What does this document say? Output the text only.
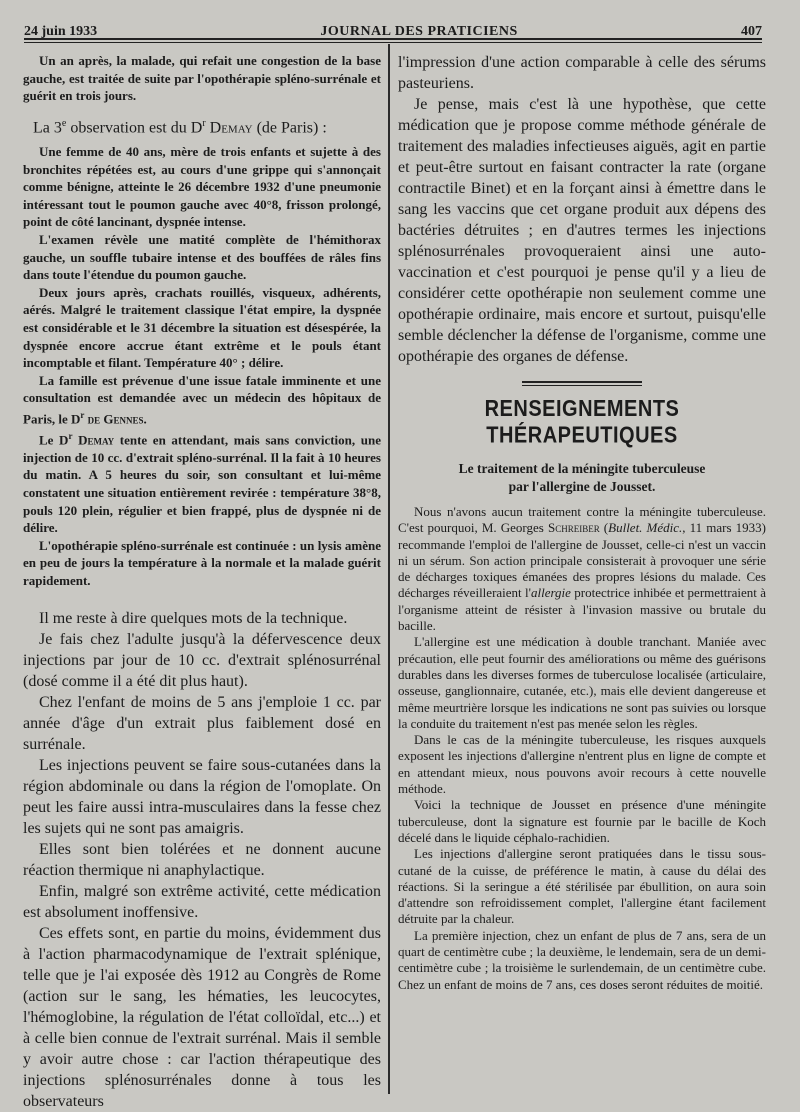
24 juin 1933	JOURNAL DES PRATICIENS	407

Un an après, la malade, qui refait une congestion de la base gauche, est traitée de suite par l'opothérapie spléno-surrénale et guérit en trois jours.

La 3e observation est du $D^r$ Demay (de Paris) :

Une femme de 40 ans, mère de trois enfants et sujette à des bronchites répétées est, au cours d'une grippe qui s'annonçait comme bénigne, atteinte le 26 décembre 1932 d'une pneumonie intéressant tout le poumon gauche avec 40°8, frisson prolongé, point de côté lancinant, dyspnée intense.

L'examen révèle une matité complète de l'hémithorax gauche, un souffle tubaire intense et des bouffées de râles fins dans toute l'étendue du poumon gauche.

Deux jours après, crachats rouillés, visqueux, adhérents, aérés. Malgré le traitement classique l'état empire, la dyspnée est considérable et le 31 décembre la situation est désespérée, la dyspnée encore accrue étant extrême et le pouls étant incomptable et filant. Température 40° ; délire.

La famille est prévenue d'une issue fatale imminente et une consultation est demandée avec un médecin des hôpitaux de Paris, le $D^r$ de Gennes.

Le $D^r$ Demay tente en attendant, mais sans conviction, une injection de 10 cc. d'extrait spléno-surrénal. Il la fait à 10 heures du matin. A 5 heures du soir, son consultant et lui-même constatent une situation entièrement revirée : température 38°8, pouls 120 plein, régulier et bien frappé, plus de dyspnée ni de délire.

L'opothérapie spléno-surrénale est continuée : un lysis amène en peu de jours la température à la normale et la malade guérit rapidement.

Il me reste à dire quelques mots de la technique.

Je fais chez l'adulte jusqu'à la défervescence deux injections par jour de 10 cc. d'extrait splénosurrénal (dosé comme il a été dit plus haut).

Chez l'enfant de moins de 5 ans j'emploie 1 cc. par année d'âge d'un extrait plus faiblement dosé en surrénale.

Les injections peuvent se faire sous-cutanées dans la région abdominale ou dans la région de l'omoplate. On peut les faire aussi intra-musculaires dans la fesse chez les sujets qui ne sont pas amaigris.

Elles sont bien tolérées et ne donnent aucune réaction thermique ni anaphylactique.

Enfin, malgré son extrême activité, cette médication est absolument inoffensive.

Ces effets sont, en partie du moins, évidemment dus à l'action pharmacodynamique de l'extrait splénique, telle que je l'ai exposée dès 1912 au Congrès de Rome (action sur le sang, les hématies, les leucocytes, l'hémoglobine, la régulation de l'état colloïdal, etc...) et à celle bien connue de l'extrait surrénal. Mais il semble y avoir autre chose : car l'action thérapeutique des injections splénosurrénales donne à tous les observateurs

l'impression d'une action comparable à celle des sérums pasteuriens.

Je pense, mais c'est là une hypothèse, que cette médication que je propose comme méthode générale de traitement des maladies infectieuses aiguës, agit en partie et peut-être surtout en faisant contracter la rate (organe contractile Binet) et en la forçant ainsi à émettre dans le sang les vaccins que cet organe produit aux dépens des bactéries détruites ; en d'autres termes les injections splénosurrénales provoqueraient ainsi une auto-vaccination et c'est pourquoi je pense qu'il y a lieu de considérer cette opothérapie non seulement comme une opothérapie ordinaire, mais encore et surtout, puisqu'elle semble déclencher la défense de l'organisme, comme une opothérapie des organes de défense.

RENSEIGNEMENTS THÉRAPEUTIQUES
Le traitement de la méningite tuberculeuse
par l'allergine de Jousset.

Nous n'avons aucun traitement contre la méningite tuberculeuse. C'est pourquoi, M. Georges Schreiber (Bullet. Médic., 11 mars 1933) recommande l'emploi de l'allergine de Jousset, celle-ci n'est un vaccin ni un sérum. Son action principale consisterait à provoquer une série de décharges toxiques émanées des propres lésions du malade. Ces décharges réveilleraient l'allergie protectrice inhibée et permettraient à l'organisme atteint de résister à l'invasion massive ou brutale du bacille.

L'allergine est une médication à double tranchant. Maniée avec précaution, elle peut fournir des améliorations ou même des guérisons durables dans les diverses formes de tuberculose localisée (articulaire, osseuse, ganglionnaire, cutanée, etc.), mais elle devient dangereuse et même meurtrière lorsque les indications ne sont pas suivies ou lorsque la conduite du traitement n'est pas menée selon les règles.

Dans le cas de la méningite tuberculeuse, les risques auxquels exposent les injections d'allergine n'entrent plus en ligne de compte et en attendant mieux, nous pouvons avoir recours à cette nouvelle méthode.

Voici la technique de Jousset en présence d'une méningite tuberculeuse, dont la signature est fournie par le bacille de Koch décelé dans le liquide céphalo-rachidien.

Les injections d'allergine seront pratiquées dans le tissu sous-cutané de la cuisse, de préférence le matin, à cause du délai des réactions. Si la seringue a été stérilisée par ébullition, on aura soin d'attendre son refroidissement complet, l'allergine étant facilement détruite par la chaleur.

La première injection, chez un enfant de plus de 7 ans, sera de un quart de centimètre cube ; la deuxième, le lendemain, sera de un demi-centimètre cube ; la troisième le surlendemain, de un centimètre cube. Chez un enfant de moins de 7 ans, ces doses seront réduites de moitié.
